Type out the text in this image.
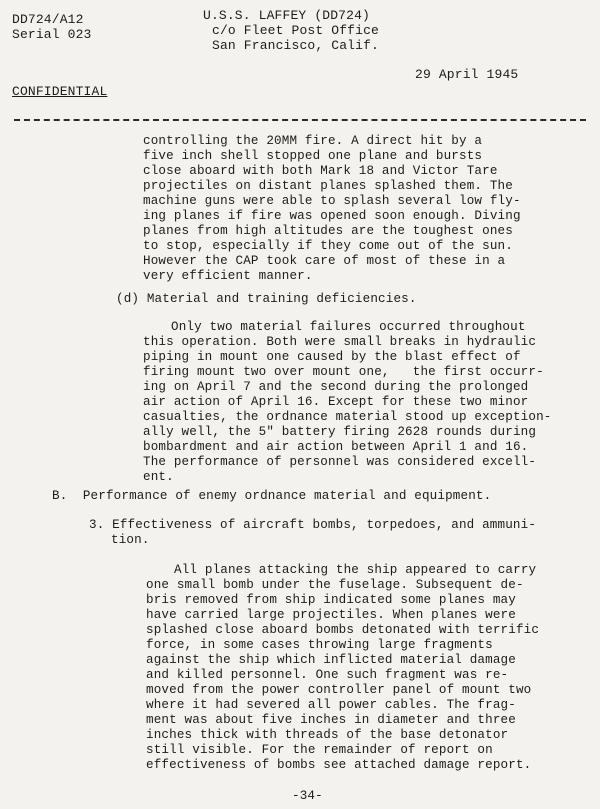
DD724/A12
Serial 023
U.S.S. LAFFEY (DD724)
c/o Fleet Post Office
San Francisco, Calif.
29 April 1945
CONFIDENTIAL
controlling the 20MM fire. A direct hit by a
five inch shell stopped one plane and bursts
close aboard with both Mark 18 and Victor Tare
projectiles on distant planes splashed them. The
machine guns were able to splash several low fly-
ing planes if fire was opened soon enough. Diving
planes from high altitudes are the toughest ones
to stop, especially if they come out of the sun.
However the CAP took care of most of these in a
very efficient manner.
(d) Material and training deficiencies.
Only two material failures occurred throughout
this operation. Both were small breaks in hydraulic
piping in mount one caused by the blast effect of
firing mount two over mount one,   the first occurr-
ing on April 7 and the second during the prolonged
air action of April 16. Except for these two minor
casualties, the ordnance material stood up exception-
ally well, the 5" battery firing 2628 rounds during
bombardment and air action between April 1 and 16.
The performance of personnel was considered excell-
ent.
B.  Performance of enemy ordnance material and equipment.
3. Effectiveness of aircraft bombs, torpedoes, and ammuni-
tion.
All planes attacking the ship appeared to carry
one small bomb under the fuselage. Subsequent de-
bris removed from ship indicated some planes may
have carried large projectiles. When planes were
splashed close aboard bombs detonated with terrific
force, in some cases throwing large fragments
against the ship which inflicted material damage
and killed personnel. One such fragment was re-
moved from the power controller panel of mount two
where it had severed all power cables. The frag-
ment was about five inches in diameter and three
inches thick with threads of the base detonator
still visible. For the remainder of report on
effectiveness of bombs see attached damage report.
-34-
